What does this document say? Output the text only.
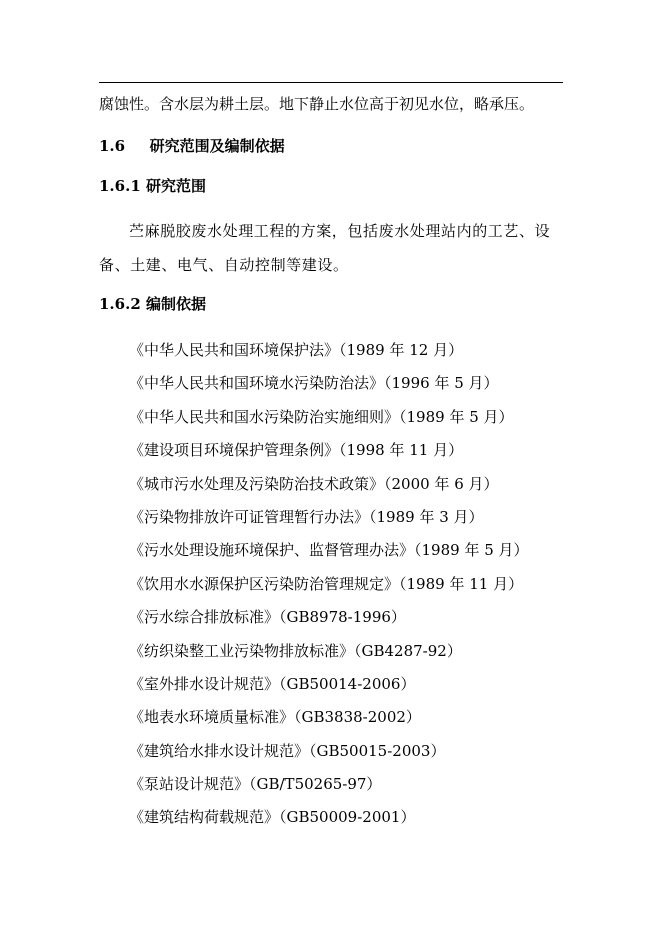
腐蚀性。含水层为耕土层。地下静止水位高于初见水位，略承压。
1.6 研究范围及编制依据
1.6.1 研究范围
苎麻脱胶废水处理工程的方案，包括废水处理站内的工艺、设备、土建、电气、自动控制等建设。
1.6.2 编制依据
《中华人民共和国环境保护法》（1989 年 12 月）
《中华人民共和国环境水污染防治法》（1996 年 5 月）
《中华人民共和国水污染防治实施细则》（1989 年 5 月）
《建设项目环境保护管理条例》（1998 年 11 月）
《城市污水处理及污染防治技术政策》（2000 年 6 月）
《污染物排放许可证管理暂行办法》（1989 年 3 月）
《污水处理设施环境保护、监督管理办法》（1989 年 5 月）
《饮用水水源保护区污染防治管理规定》（1989 年 11 月）
《污水综合排放标准》（GB8978-1996）
《纺织染整工业污染物排放标准》（GB4287-92）
《室外排水设计规范》（GB50014-2006）
《地表水环境质量标准》（GB3838-2002）
《建筑给水排水设计规范》（GB50015-2003）
《泵站设计规范》（GB/T50265-97）
《建筑结构荷载规范》（GB50009-2001）
